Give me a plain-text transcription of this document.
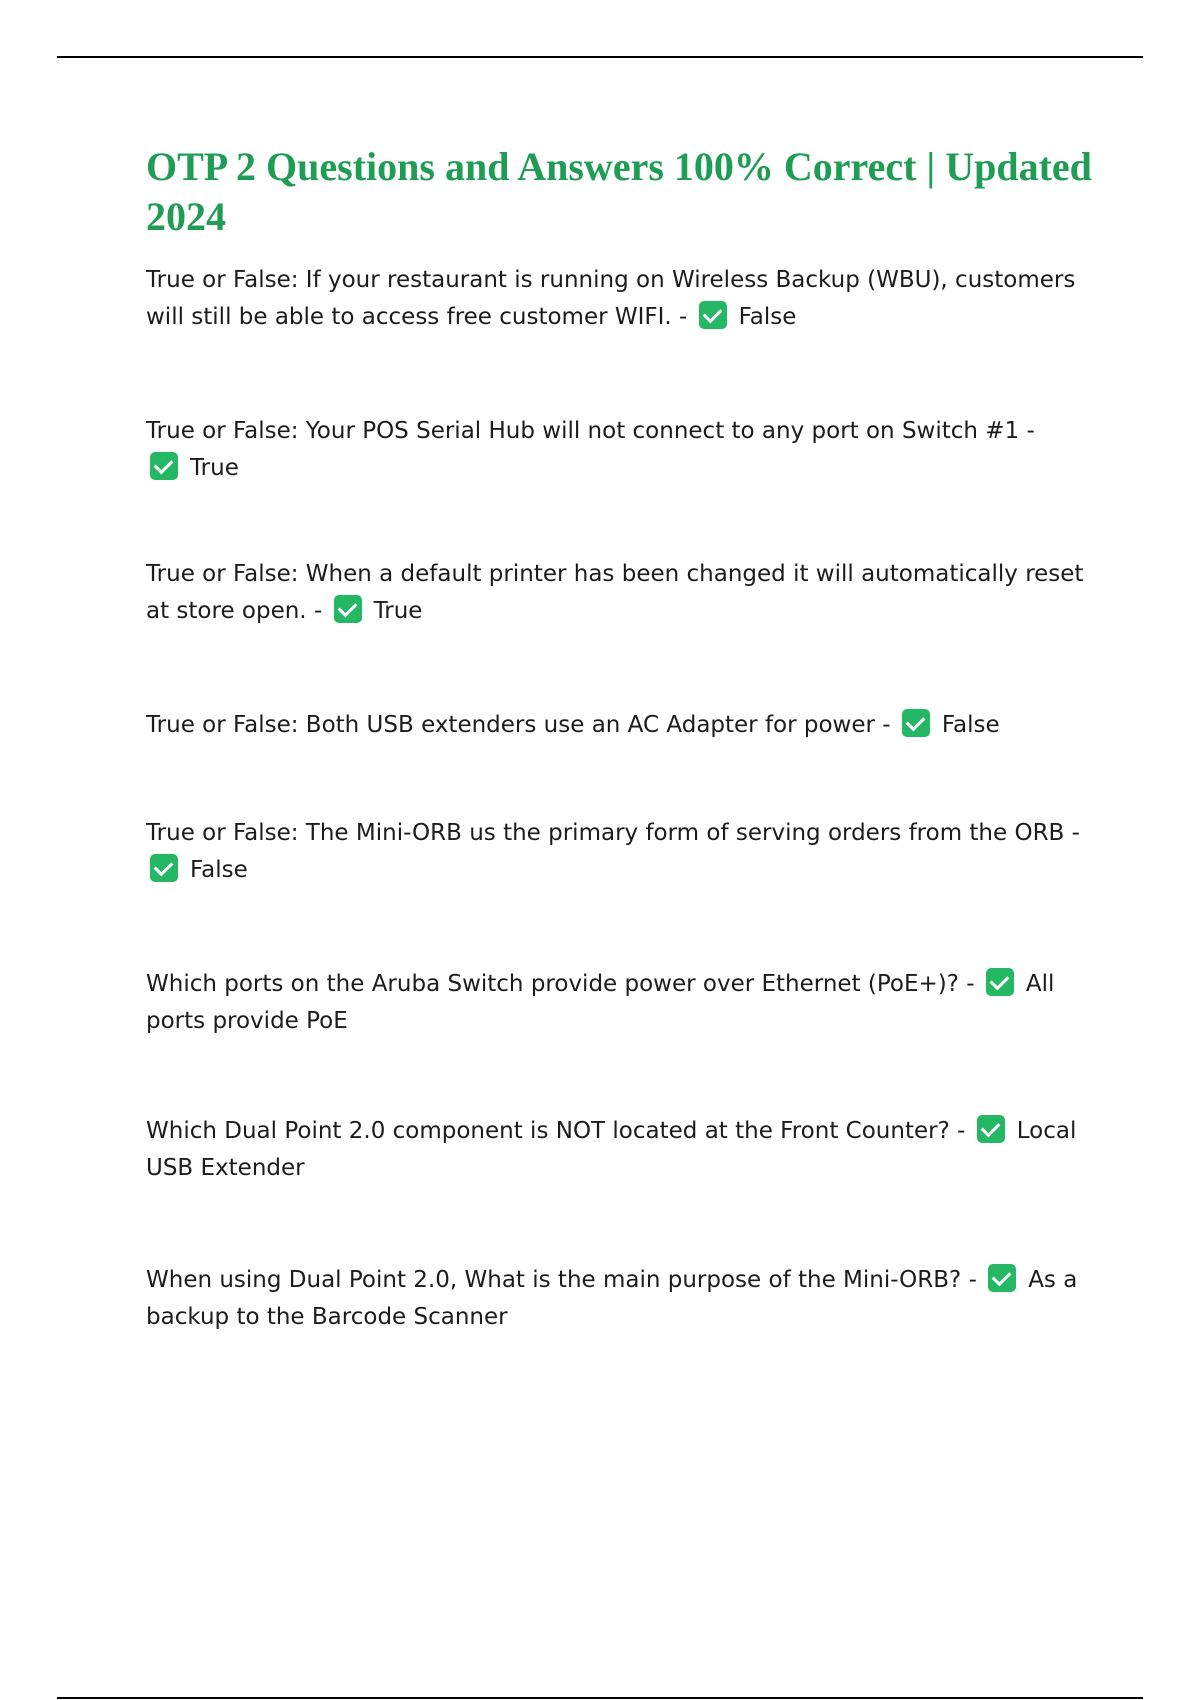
OTP 2 Questions and Answers 100% Correct | Updated 2024

True or False: If your restaurant is running on Wireless Backup (WBU), customers will still be able to access free customer WIFI. - False

True or False: Your POS Serial Hub will not connect to any port on Switch #1 - True

True or False: When a default printer has been changed it will automatically reset at store open. - True

True or False: Both USB extenders use an AC Adapter for power - False

True or False: The Mini-ORB us the primary form of serving orders from the ORB - False

Which ports on the Aruba Switch provide power over Ethernet (PoE+)? - All ports provide PoE

Which Dual Point 2.0 component is NOT located at the Front Counter? - Local USB Extender

When using Dual Point 2.0, What is the main purpose of the Mini-ORB? - As a backup to the Barcode Scanner
